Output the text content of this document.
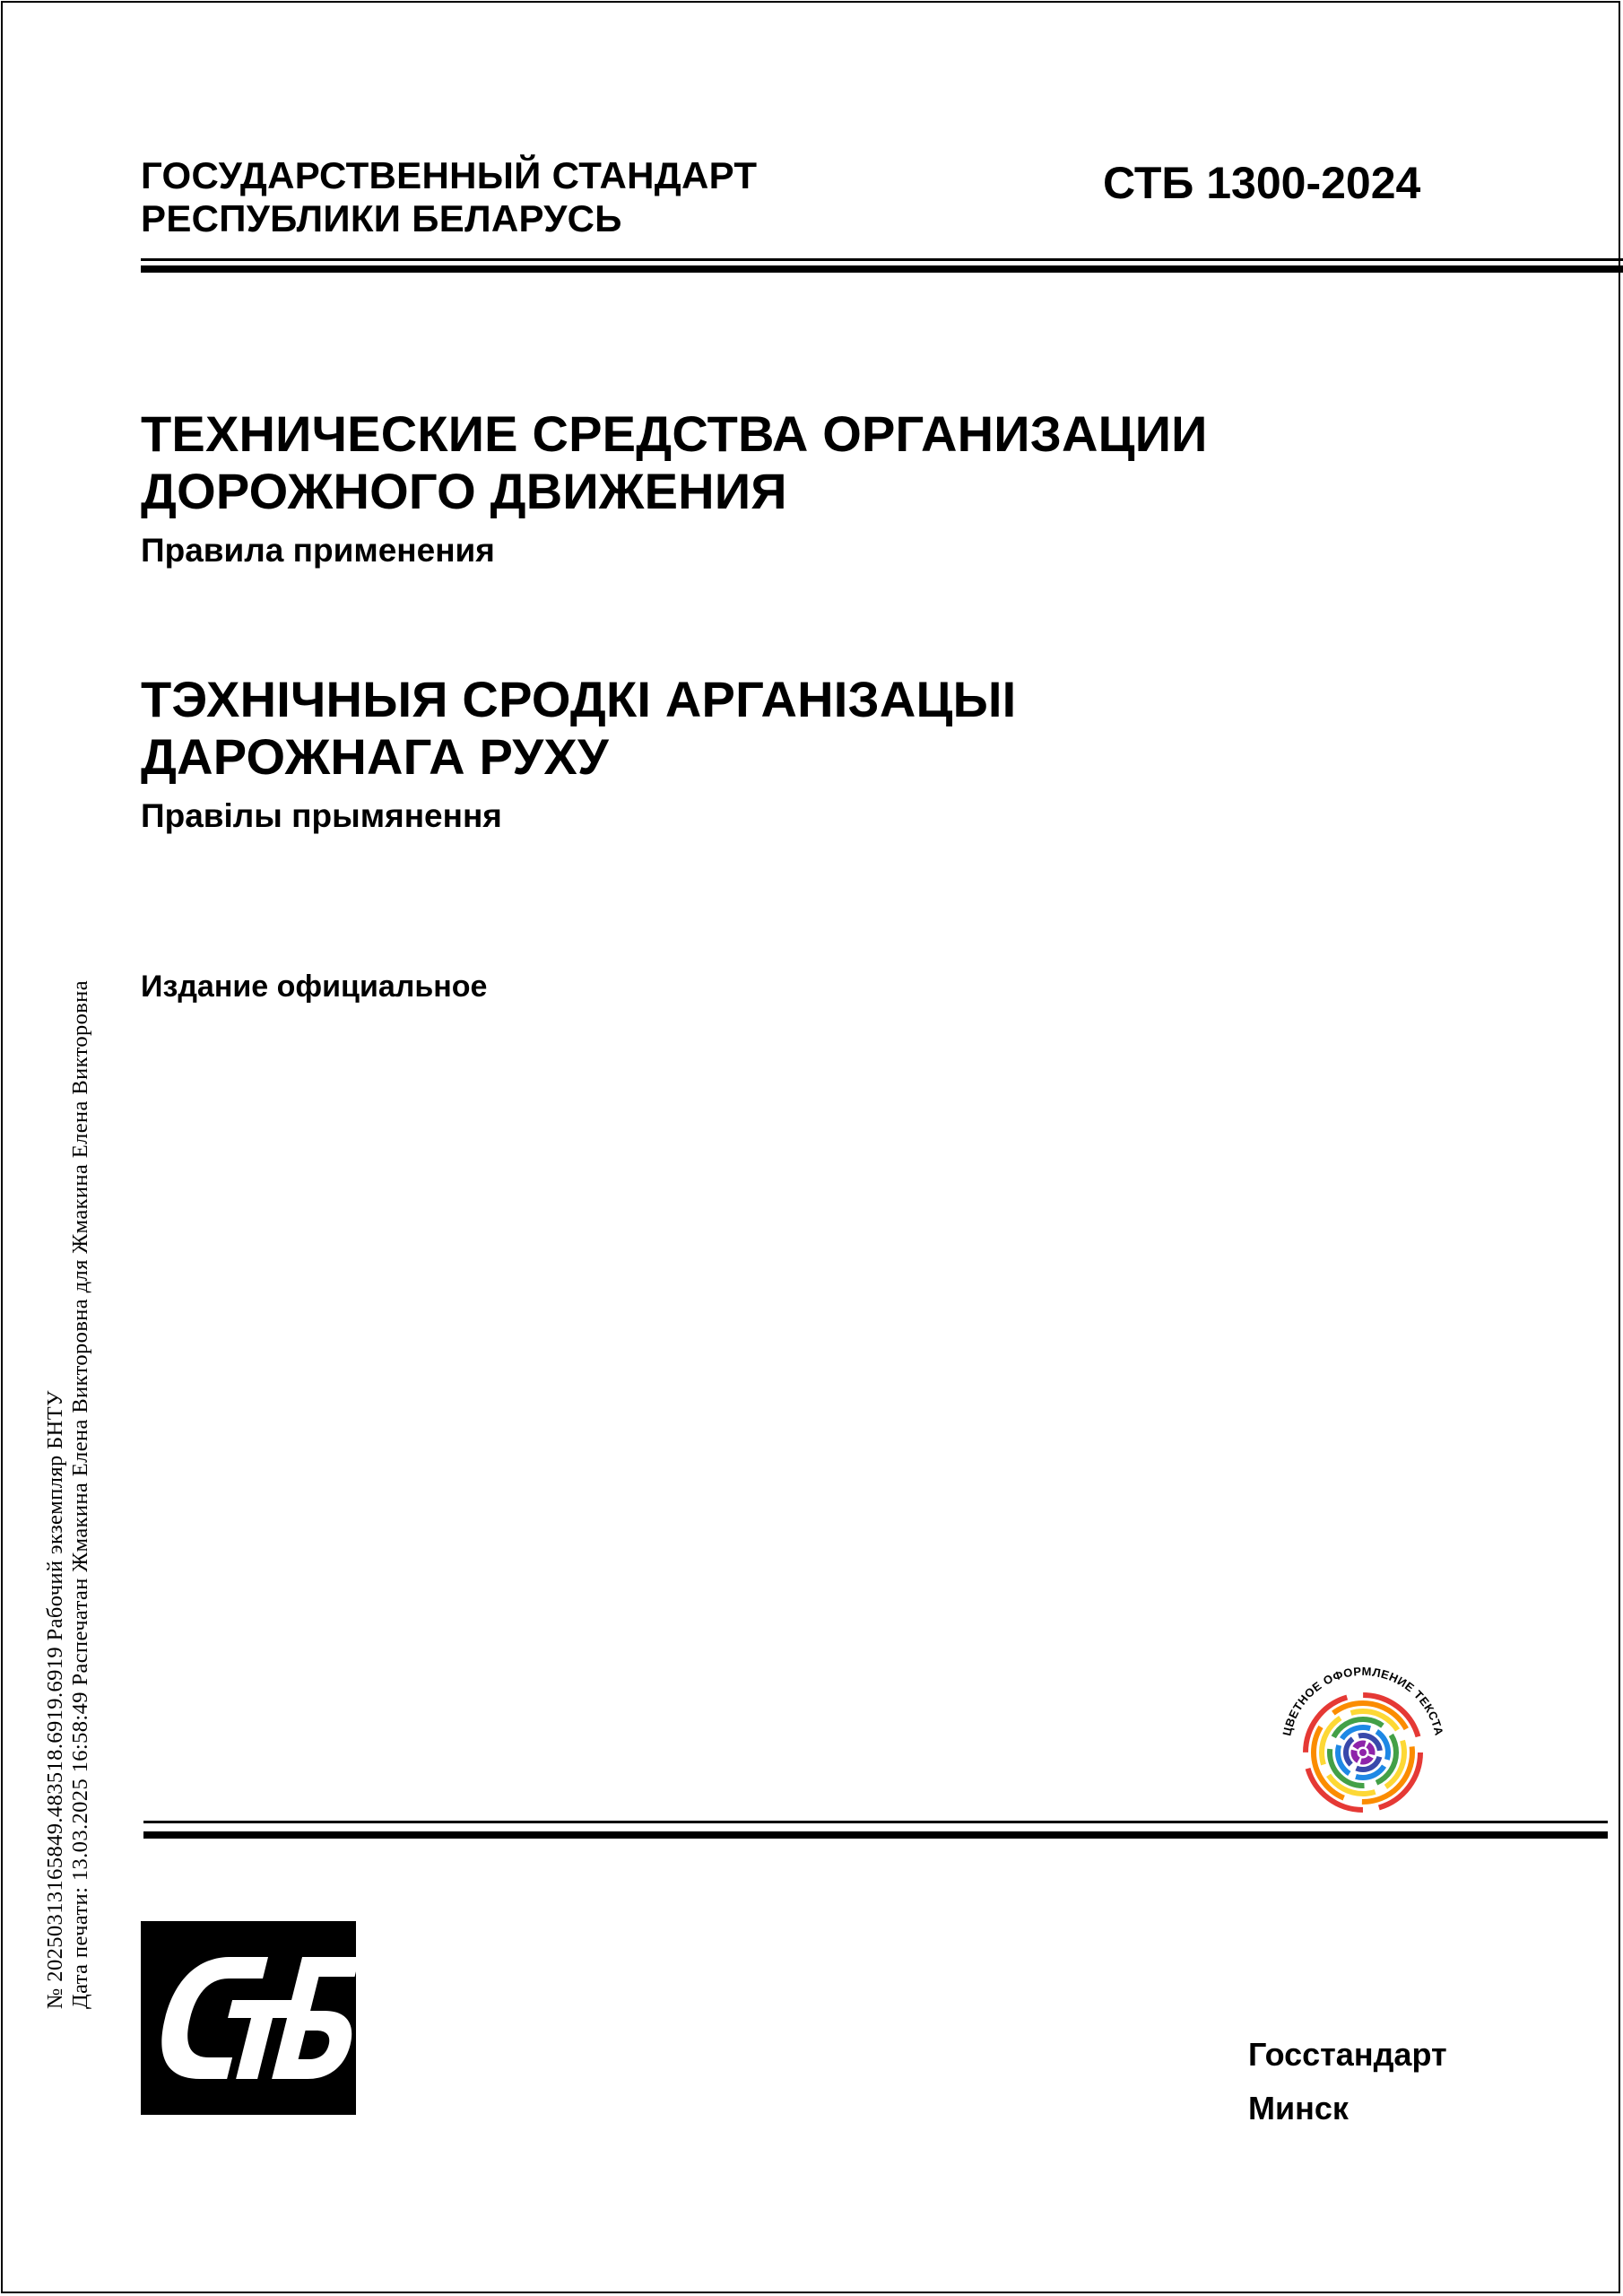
ГОСУДАРСТВЕННЫЙ СТАНДАРТ
РЕСПУБЛИКИ БЕЛАРУСЬ
СТБ 1300-2024
ТЕХНИЧЕСКИЕ СРЕДСТВА ОРГАНИЗАЦИИ
ДОРОЖНОГО ДВИЖЕНИЯ
Правила применения
ТЭХНІЧНЫЯ СРОДКІ АРГАНІЗАЦЫІ
ДАРОЖНАГА РУХУ
Правілы прымянення
Издание официальное
№ 20250313165849.483518.6919.6919 Рабочий экземпляр БНТУ Дата печати: 13.03.2025 16:58:49 Распечатан Жмакина Елена Викторовна для Жмакина Елена Викторовна	ЦВЕТНОЕ ОФОРМЛЕНИЕ ТЕКСТА
Госстандарт
Минск
